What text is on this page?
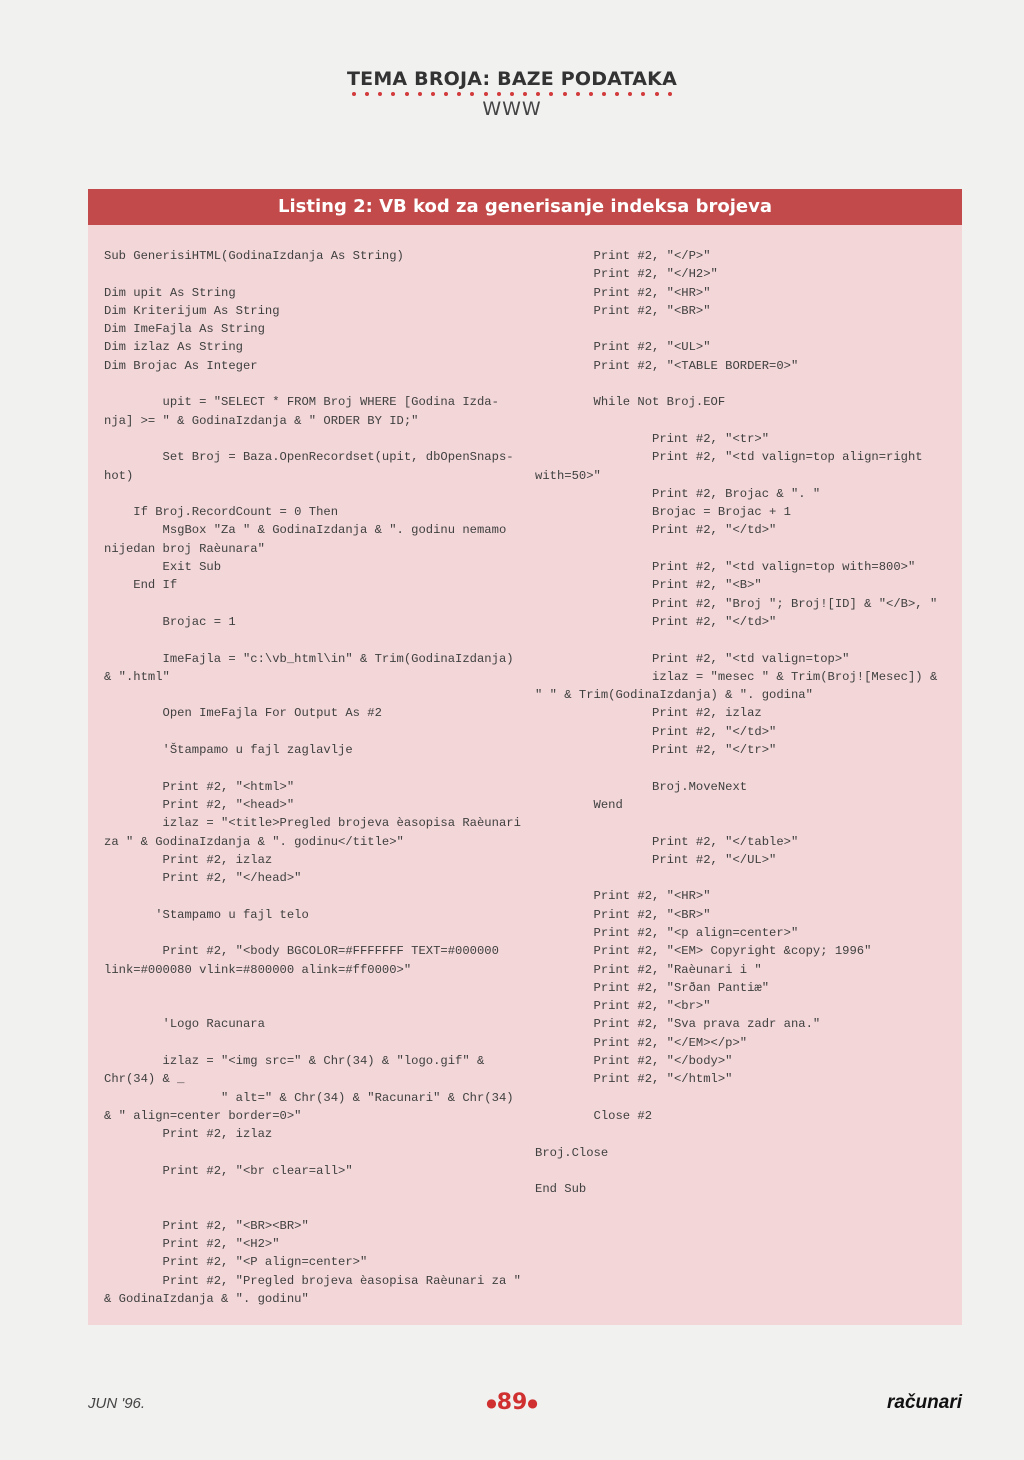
TEMA BROJA: BAZE PODATAKA
WWW
Listing 2: VB kod za generisanje indeksa brojeva
Sub GenerisiHTML(GodinaIzdanja As String)

Dim upit As String
Dim Kriterijum As String
Dim ImeFajla As String
Dim izlaz As String
Dim Brojac As Integer

upit = "SELECT * FROM Broj WHERE [Godina Izda-
nja] >= " & GodinaIzdanja & " ORDER BY ID;"

Set Broj = Baza.OpenRecordset(upit, dbOpenSnaps-
hot)

If Broj.RecordCount = 0 Then
MsgBox "Za " & GodinaIzdanja & ". godinu nemamo
nijedan broj Raèunara"
Exit Sub
End If

Brojac = 1

ImeFajla = "c:\vb_html\in" & Trim(GodinaIzdanja)
& ".html"

Open ImeFajla For Output As #2

'Štampamo u fajl zaglavlje

Print #2, "<html>"
Print #2, "<head>"
izlaz = "<title>Pregled brojeva èasopisa Raèunari
za " & GodinaIzdanja & ". godinu</title>"
Print #2, izlaz
Print #2, "</head>"

'Stampamo u fajl telo

Print #2, "<body BGCOLOR=#FFFFFFF TEXT=#000000
link=#000080 vlink=#800000 alink=#ff0000>"

'Logo Racunara

izlaz = "<img src=" & Chr(34) & "logo.gif" &
Chr(34) & _
" alt=" & Chr(34) & "Racunari" & Chr(34)
& " align=center border=0>"
Print #2, izlaz

Print #2, "<br clear=all>"

Print #2, "<BR><BR>"
Print #2, "<H2>"
Print #2, "<P align=center>"
Print #2, "Pregled brojeva èasopisa Raèunari za "
& GodinaIzdanja & ". godinu"
Print #2, "</P>"
Print #2, "</H2>"
Print #2, "<HR>"
Print #2, "<BR>"

Print #2, "<UL>"
Print #2, "<TABLE BORDER=0>"

While Not Broj.EOF

Print #2, "<tr>"
Print #2, "<td valign=top align=right
with=50>"
Print #2, Brojac & ". "
Brojac = Brojac + 1
Print #2, "</td>"

Print #2, "<td valign=top with=800>"
Print #2, "<B>"
Print #2, "Broj "; Broj![ID] & "</B>, "
Print #2, "</td>"

Print #2, "<td valign=top>"
izlaz = "mesec " & Trim(Broj![Mesec]) &
" " & Trim(GodinaIzdanja) & ". godina"
Print #2, izlaz
Print #2, "</td>"
Print #2, "</tr>"

Broj.MoveNext
Wend

Print #2, "</table>"
Print #2, "</UL>"

Print #2, "<HR>"
Print #2, "<BR>"
Print #2, "<p align=center>"
Print #2, "<EM> Copyright &copy; 1996"
Print #2, "Raèunari i "
Print #2, "Srðan Pantiæ"
Print #2, "<br>"
Print #2, "Sva prava zadr ana."
Print #2, "</EM></p>"
Print #2, "</body>"
Print #2, "</html>"

Close #2

Broj.Close

End Sub
JUN '96.	●89●	računari
